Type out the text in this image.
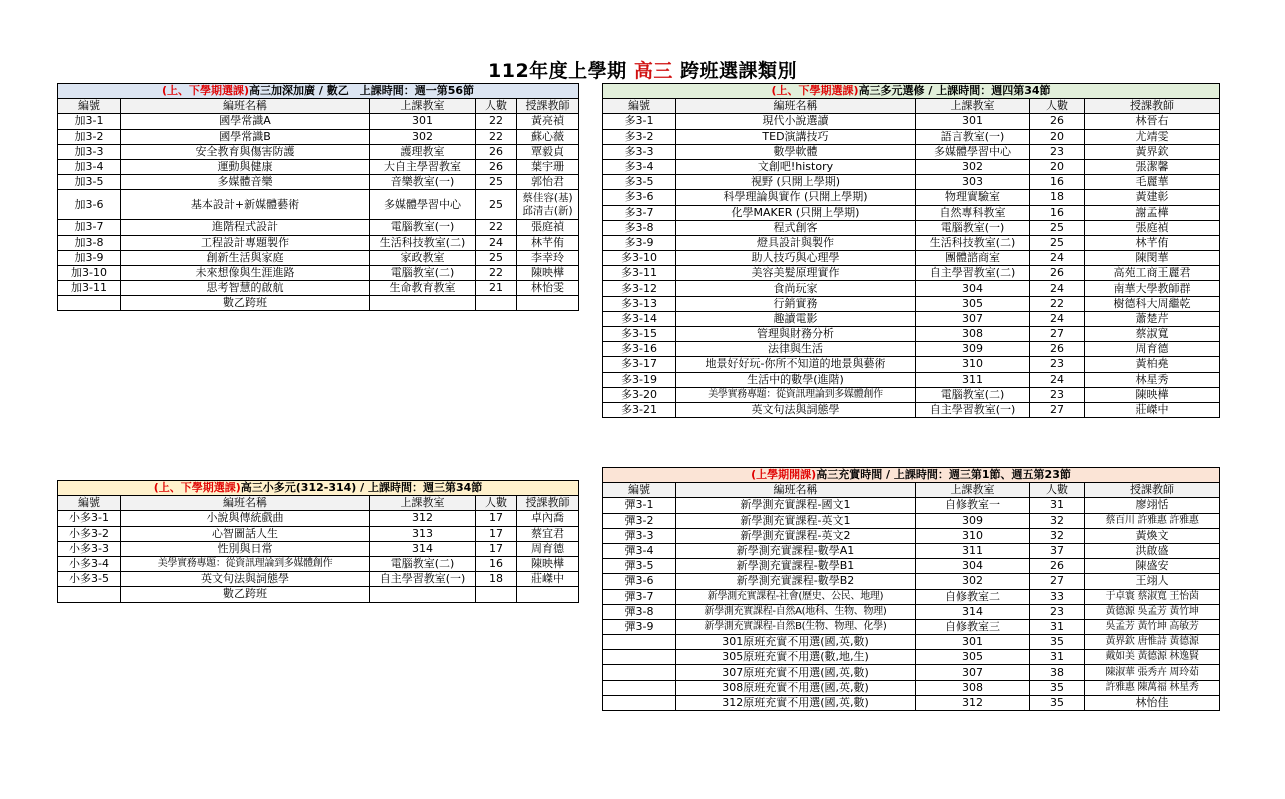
112年度上學期 高三 跨班選課類別
(上、下學期選課)高三加深加廣 / 數乙　上課時間：週一第56節				
編號	編班名稱	上課教室	人數	授課教師
加3-1	國學常識A	301	22	黃亮禎
加3-2	國學常識B	302	22	蘇心薇
加3-3	安全教育與傷害防護	護理教室	26	覃毅貞
加3-4	運動與健康	大自主學習教室	26	葉宇珊
加3-5	多媒體音樂	音樂教室(一)	25	郭怡君
加3-6	基本設計+新媒體藝術	多媒體學習中心	25	蔡佳容(基)
邱清吉(新)

加3-7	進階程式設計	電腦教室(一)	22	張庭禎
加3-8	工程設計專題製作	生活科技教室(二)	24	林芊侑
加3-9	創新生活與家庭	家政教室	25	李幸玲
加3-10	未來想像與生涯進路	電腦教室(二)	22	陳映樺
加3-11	思考智慧的啟航	生命教育教室	21	林怡雯
	數乙跨班			
(上、下學期選課)高三多元選修 / 上課時間：週四第34節				
編號	編班名稱	上課教室	人數	授課教師
多3-1	現代小說選讀	301	26	林晉右
多3-2	TED演講技巧	語言教室(一)	20	尤靖雯
多3-3	數學軟體	多媒體學習中心	23	黃界欽
多3-4	文創吧!history	302	20	張潔馨
多3-5	視野 (只開上學期)	303	16	毛麗華
多3-6	科學理論與實作 (只開上學期)	物理實驗室	18	黃建彰
多3-7	化學MAKER (只開上學期)	自然專科教室	16	謝孟樺
多3-8	程式創客	電腦教室(一)	25	張庭禎
多3-9	燈具設計與製作	生活科技教室(二)	25	林芊侑
多3-10	助人技巧與心理學	團體諮商室	24	陳閔華
多3-11	美容美髮原理實作	自主學習教室(二)	26	高苑工商王麗君
多3-12	食尚玩家	304	24	南華大學教師群
多3-13	行銷實務	305	22	樹德科大周繼乾
多3-14	趣讀電影	307	24	蕭楚芹
多3-15	管理與財務分析	308	27	蔡淑寬
多3-16	法律與生活	309	26	周育德
多3-17	地景好好玩-你所不知道的地景與藝術	310	23	黃柏堯
多3-19	生活中的數學(進階)	311	24	林星秀
多3-20	美學實務專題：從資訊理論到多媒體創作	電腦教室(二)	23	陳映樺
多3-21	英文句法與詞態學	自主學習教室(一)	27	莊嵥中
(上、下學期選課)高三小多元(312-314) / 上課時間：週三第34節				
編號	編班名稱	上課教室	人數	授課教師
小多3-1	小說與傳統戲曲	312	17	卓內喬
小多3-2	心智圖話人生	313	17	蔡宜君
小多3-3	性別與日常	314	17	周育德
小多3-4	美學實務專題：從資訊理論到多媒體創作	電腦教室(二)	16	陳映樺
小多3-5	英文句法與詞態學	自主學習教室(一)	18	莊嵥中
	數乙跨班			
(上學期開課)高三充實時間 / 上課時間：週三第1節、週五第23節				
編號	編班名稱	上課教室	人數	授課教師
彈3-1	新學測充實課程-國文1	自修教室一	31	廖翊恬
彈3-2	新學測充實課程-英文1	309	32	蔡百川 許雅惠 許雅惠
彈3-3	新學測充實課程-英文2	310	32	黃煥文
彈3-4	新學測充實課程-數學A1	311	37	洪啟盛
彈3-5	新學測充實課程-數學B1	304	26	陳盛安
彈3-6	新學測充實課程-數學B2	302	27	王翊人
彈3-7	新學測充實課程-社會(歷史、公民、地理)	自修教室二	33	于卓寰 蔡淑寬 王怡茵
彈3-8	新學測充實課程-自然A(地科、生物、物理)	314	23	黃德源 吳孟芳 黃竹坤
彈3-9	新學測充實課程-自然B(生物、物理、化學)	自修教室三	31	吳孟芳 黃竹坤 高敏芳
	301原班充實不用選(國,英,數)	301	35	黃界欽 唐惟詩 黃德源
	305原班充實不用選(數,地,生)	305	31	戴如美 黃德源 林逸賢
	307原班充實不用選(國,英,數)	307	38	陳淑華 張秀卉 周玲茹
	308原班充實不用選(國,英,數)	308	35	許雅惠 陳萬福 林星秀
	312原班充實不用選(國,英,數)	312	35	林怡佳
